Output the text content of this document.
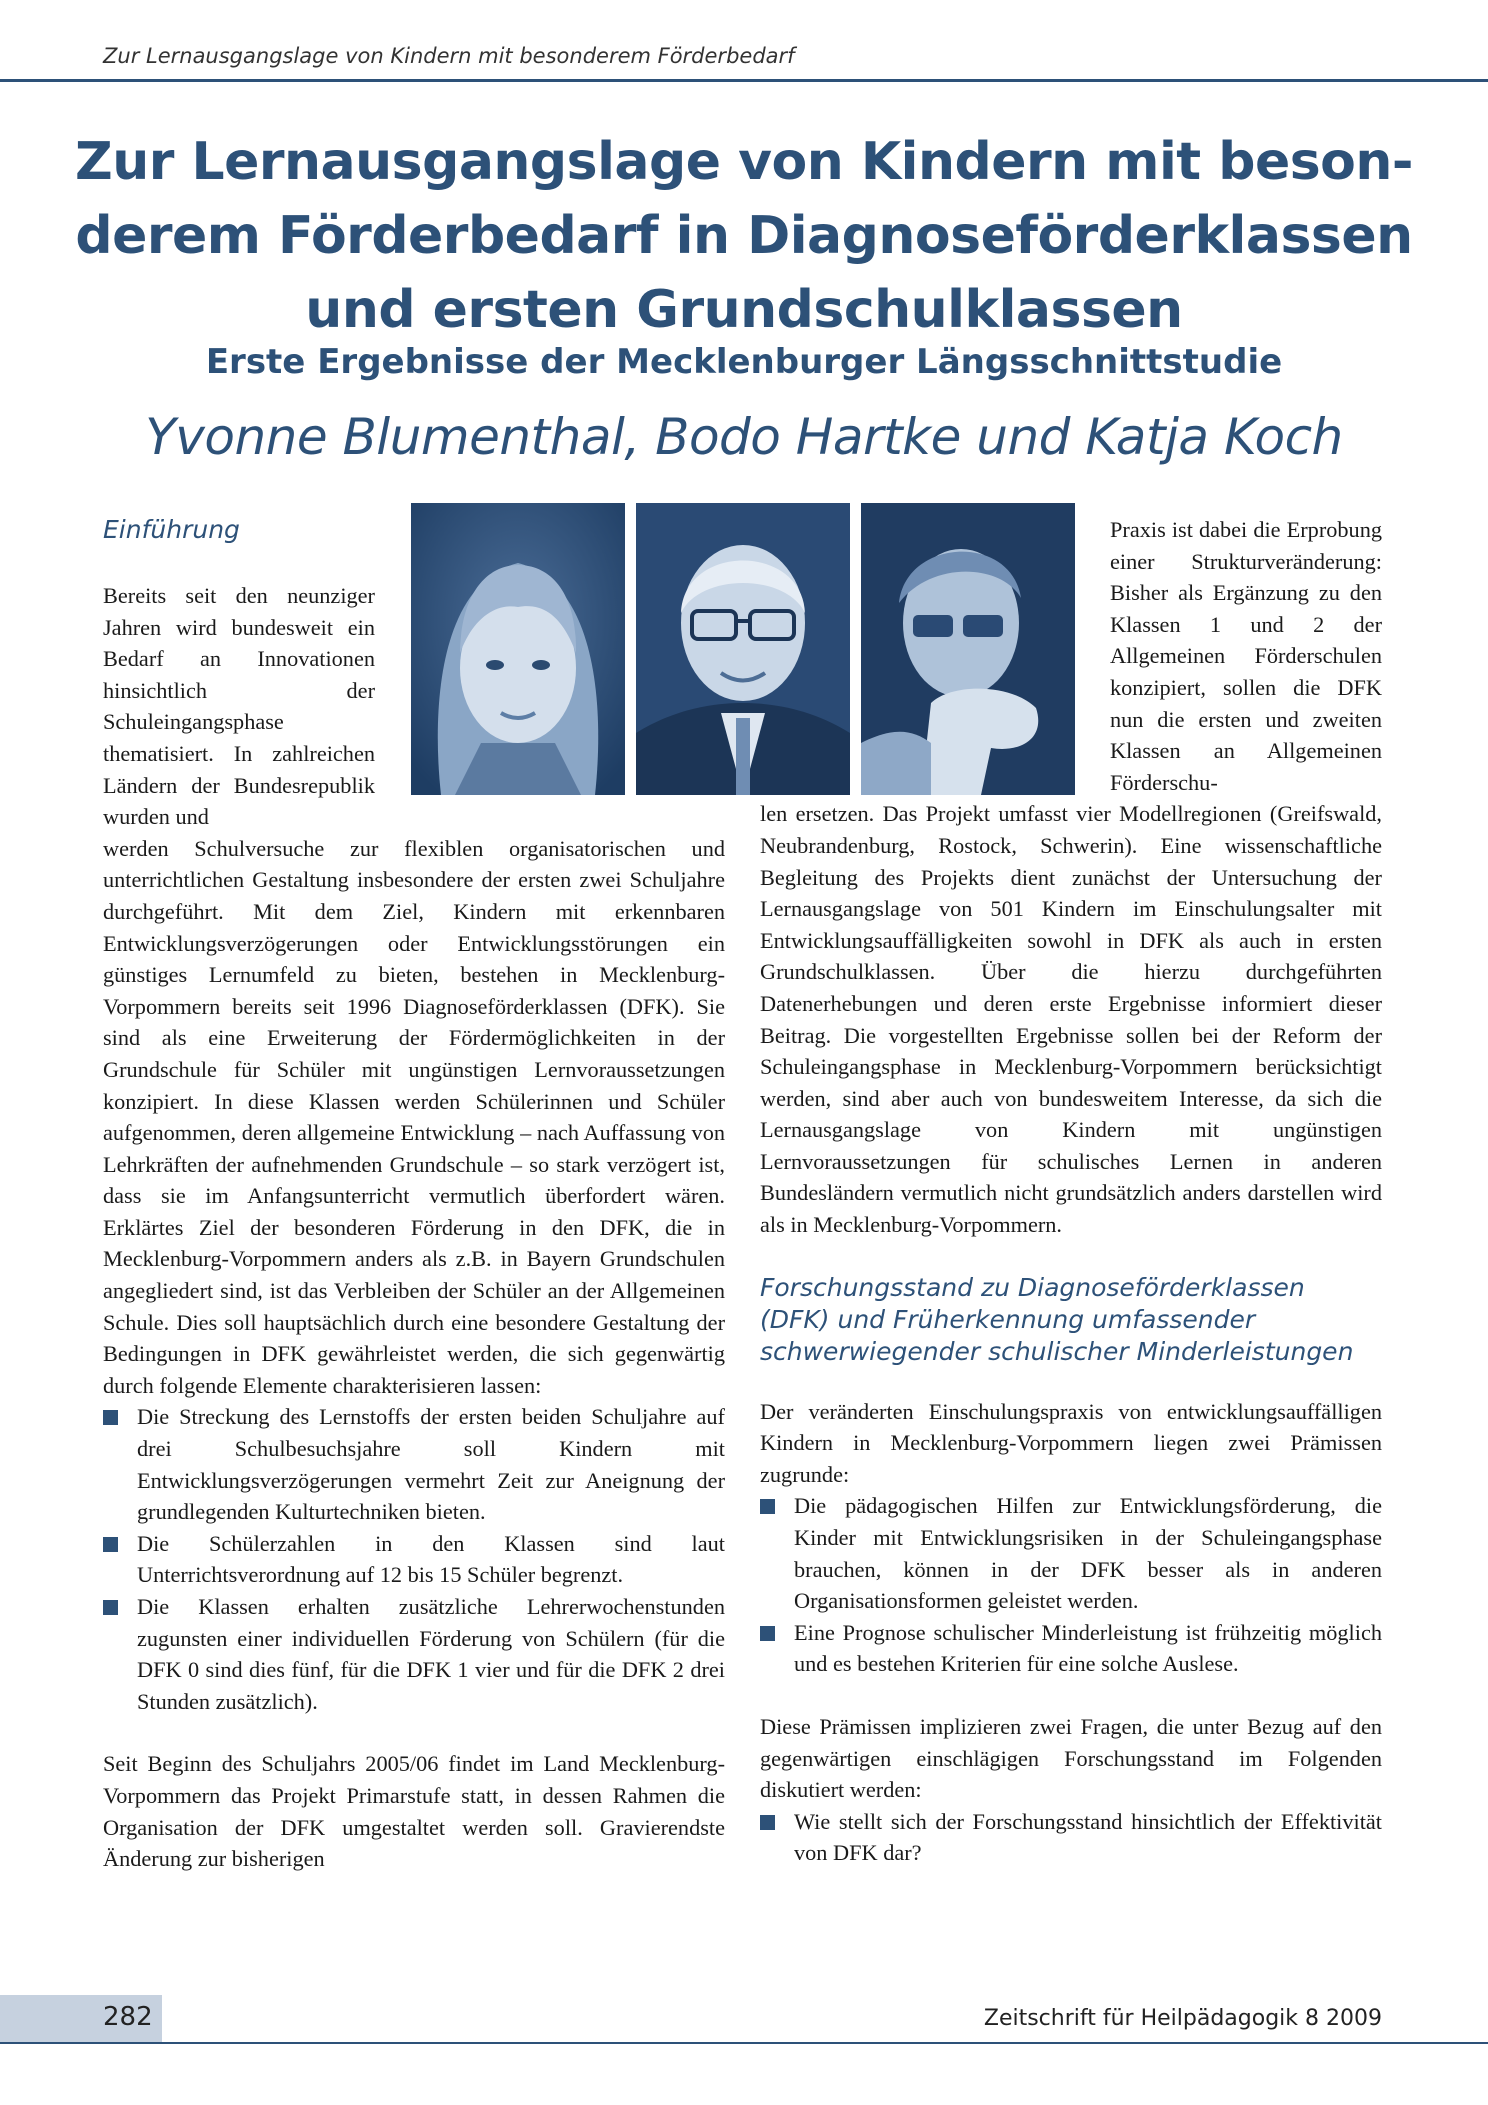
Zur Lernausgangslage von Kindern mit besonderem Förderbedarf
Zur Lernausgangslage von Kindern mit beson-
derem Förderbedarf in Diagnoseförderklassen
und ersten Grundschulklassen
Erste Ergebnisse der Mecklenburger Längsschnittstudie
Yvonne Blumenthal, Bodo Hartke und Katja Koch
Einführung

Bereits seit den neunziger Jahren wird bundesweit ein Bedarf an Innovationen hinsichtlich der Schuleingangsphase thematisiert. In zahlreichen Ländern der Bundesrepublik wurden und

werden Schulversuche zur flexiblen organisatorischen und unterrichtlichen Gestaltung insbesondere der ersten zwei Schuljahre durchgeführt. Mit dem Ziel, Kindern mit erkennbaren Entwicklungsverzögerungen oder Entwicklungsstörungen ein günstiges Lernumfeld zu bieten, bestehen in Mecklenburg-Vorpommern bereits seit 1996 Diagnoseförderklassen (DFK). Sie sind als eine Erweiterung der Fördermöglichkeiten in der Grundschule für Schüler mit ungünstigen Lernvoraussetzungen konzipiert. In diese Klassen werden Schülerinnen und Schüler aufgenommen, deren allgemeine Entwicklung – nach Auffassung von Lehrkräften der aufnehmenden Grundschule – so stark verzögert ist, dass sie im Anfangsunterricht vermutlich überfordert wären. Erklärtes Ziel der besonderen Förderung in den DFK, die in Mecklenburg-Vorpommern anders als z.B. in Bayern Grundschulen angegliedert sind, ist das Verbleiben der Schüler an der Allgemeinen Schule. Dies soll hauptsächlich durch eine besondere Gestaltung der Bedingungen in DFK gewährleistet werden, die sich gegenwärtig durch folgende Elemente charakterisieren lassen:

Die Streckung des Lernstoffs der ersten beiden Schuljahre auf drei Schulbesuchsjahre soll Kindern mit Entwicklungsverzögerungen vermehrt Zeit zur Aneignung der grundlegenden Kulturtechniken bieten.
Die Schülerzahlen in den Klassen sind laut Unterrichtsverordnung auf 12 bis 15 Schüler begrenzt.
Die Klassen erhalten zusätzliche Lehrerwochenstunden zugunsten einer individuellen Förderung von Schülern (für die DFK 0 sind dies fünf, für die DFK 1 vier und für die DFK 2 drei Stunden zusätzlich).

Seit Beginn des Schuljahrs 2005/06 findet im Land Mecklenburg-Vorpommern das Projekt Primarstufe statt, in dessen Rahmen die Organisation der DFK umgestaltet werden soll. Gravierendste Änderung zur bisherigen

Praxis ist dabei die Erprobung einer Strukturveränderung: Bisher als Ergänzung zu den Klassen 1 und 2 der Allgemeinen Förderschulen konzipiert, sollen die DFK nun die ersten und zweiten Klassen an Allgemeinen Förderschu-

len ersetzen. Das Projekt umfasst vier Modellregionen (Greifswald, Neubrandenburg, Rostock, Schwerin). Eine wissenschaftliche Begleitung des Projekts dient zunächst der Untersuchung der Lernausgangslage von 501 Kindern im Einschulungsalter mit Entwicklungsauffälligkeiten sowohl in DFK als auch in ersten Grundschulklassen. Über die hierzu durchgeführten Datenerhebungen und deren erste Ergebnisse informiert dieser Beitrag. Die vorgestellten Ergebnisse sollen bei der Reform der Schuleingangsphase in Mecklenburg-Vorpommern berücksichtigt werden, sind aber auch von bundesweitem Interesse, da sich die Lernausgangslage von Kindern mit ungünstigen Lernvoraussetzungen für schulisches Lernen in anderen Bundesländern vermutlich nicht grundsätzlich anders darstellen wird als in Mecklenburg-Vorpommern.

Forschungsstand zu Diagnoseförderklassen (DFK) und Früherkennung umfassender schwerwiegender schulischer Minderleistungen

Der veränderten Einschulungspraxis von entwicklungsauffälligen Kindern in Mecklenburg-Vorpommern liegen zwei Prämissen zugrunde:

Die pädagogischen Hilfen zur Entwicklungsförderung, die Kinder mit Entwicklungsrisiken in der Schuleingangsphase brauchen, können in der DFK besser als in anderen Organisationsformen geleistet werden.
Eine Prognose schulischer Minderleistung ist frühzeitig möglich und es bestehen Kriterien für eine solche Auslese.

Diese Prämissen implizieren zwei Fragen, die unter Bezug auf den gegenwärtigen einschlägigen Forschungsstand im Folgenden diskutiert werden:

Wie stellt sich der Forschungsstand hinsichtlich der Effektivität von DFK dar?
282	Zeitschrift für Heilpädagogik 8 2009
